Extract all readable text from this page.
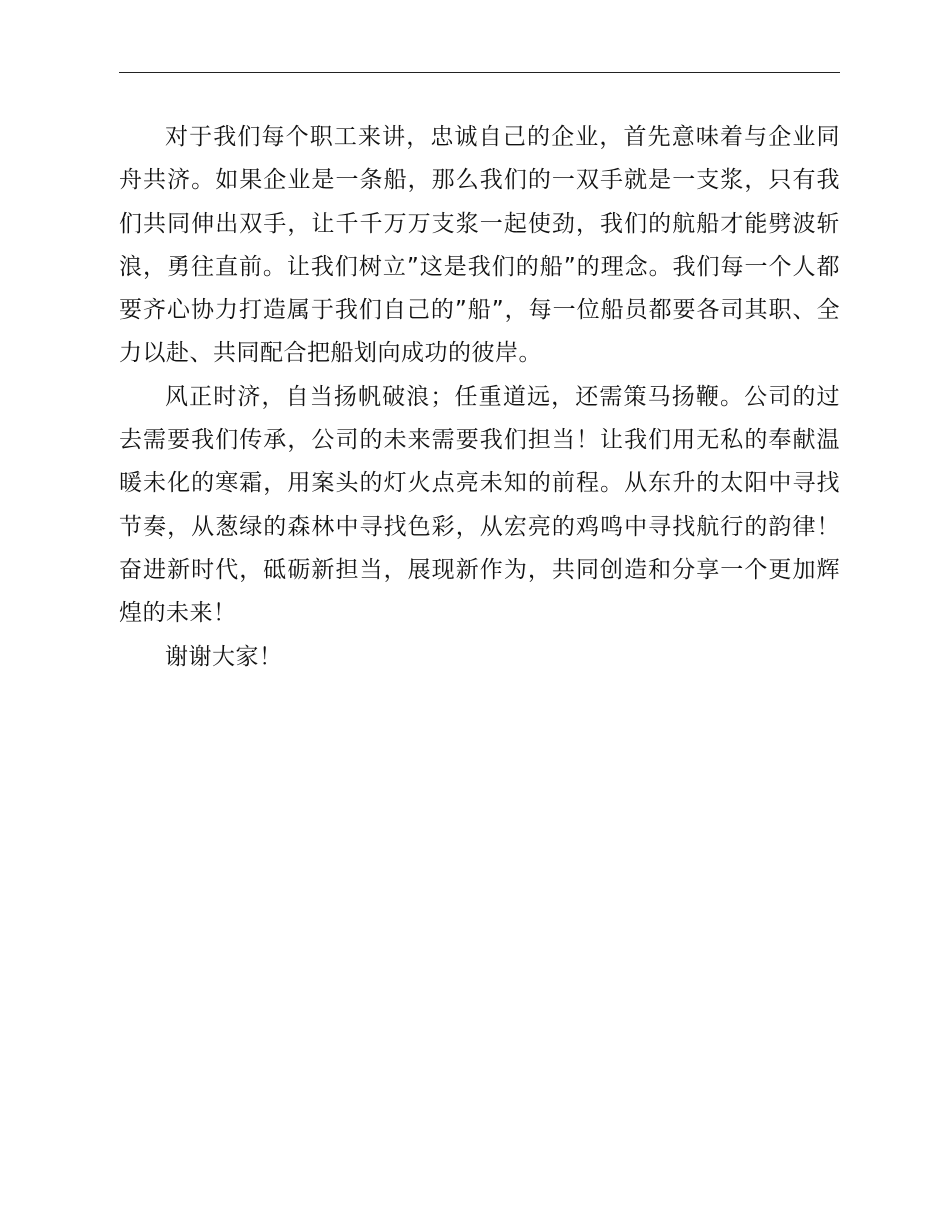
对于我们每个职工来讲，忠诚自己的企业，首先意味着与企业同舟共济。如果企业是一条船，那么我们的一双手就是一支浆，只有我们共同伸出双手，让千千万万支浆一起使劲，我们的航船才能劈波斩浪，勇往直前。让我们树立”这是我们的船”的理念。我们每一个人都要齐心协力打造属于我们自己的”船”，每一位船员都要各司其职、全力以赴、共同配合把船划向成功的彼岸。

风正时济，自当扬帆破浪；任重道远，还需策马扬鞭。公司的过去需要我们传承，公司的未来需要我们担当！让我们用无私的奉献温暖未化的寒霜，用案头的灯火点亮未知的前程。从东升的太阳中寻找节奏，从葱绿的森林中寻找色彩，从宏亮的鸡鸣中寻找航行的韵律！奋进新时代，砥砺新担当，展现新作为，共同创造和分享一个更加辉煌的未来！

谢谢大家！
